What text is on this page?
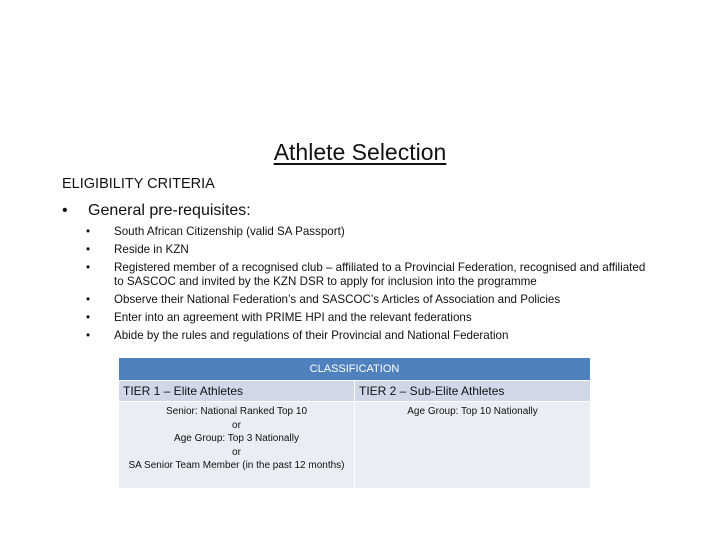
Athlete Selection
ELIGIBILITY CRITERIA
• General pre-requisites:
• South African Citizenship (valid SA Passport)
• Reside in KZN
• Registered member of a recognised club – affiliated to a Provincial Federation, recognised and affiliated to SASCOC and invited by the KZN DSR to apply for inclusion into the programme
• Observe their National Federation’s and SASCOC’s Articles of Association and Policies
• Enter into an agreement with PRIME HPI and the relevant federations
• Abide by the rules and regulations of their Provincial and National Federation
CLASSIFICATION	
TIER 1 – Elite Athletes	TIER 2 – Sub-Elite Athletes

Senior: National Ranked Top 10
or
Age Group: Top 3 Nationally
or
SA Senior Team Member (in the past 12 months)	Age Group: Top 10 Nationally
